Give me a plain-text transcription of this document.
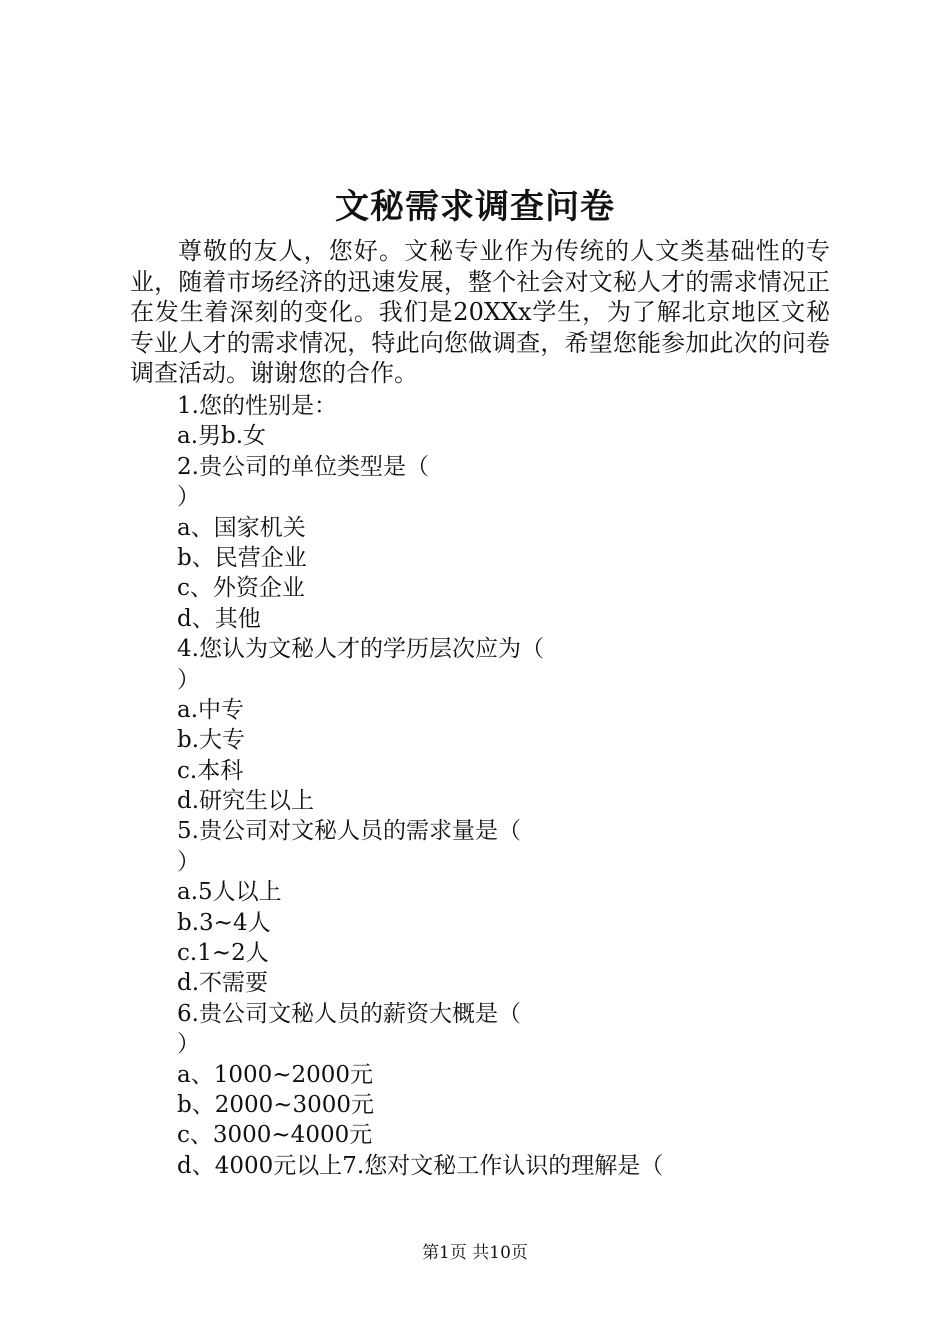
文秘需求调查问卷

尊敬的友人，您好。文秘专业作为传统的人文类基础性的专业，随着市场经济的迅速发展，整个社会对文秘人才的需求情况正在发生着深刻的变化。我们是20XXx学生，为了解北京地区文秘专业人才的需求情况，特此向您做调查，希望您能参加此次的问卷调查活动。谢谢您的合作。

1.您的性别是：
a.男b.女
2.贵公司的单位类型是（
）
a、国家机关
b、民营企业
c、外资企业
d、其他
4.您认为文秘人才的学历层次应为（
）
a.中专
b.大专
c.本科
d.研究生以上
5.贵公司对文秘人员的需求量是（
）
a.5人以上
b.3~4人
c.1~2人
d.不需要
6.贵公司文秘人员的薪资大概是（
）
a、1000~2000元
b、2000~3000元
c、3000~4000元
d、4000元以上7.您对文秘工作认识的理解是（
第1页 共10页
